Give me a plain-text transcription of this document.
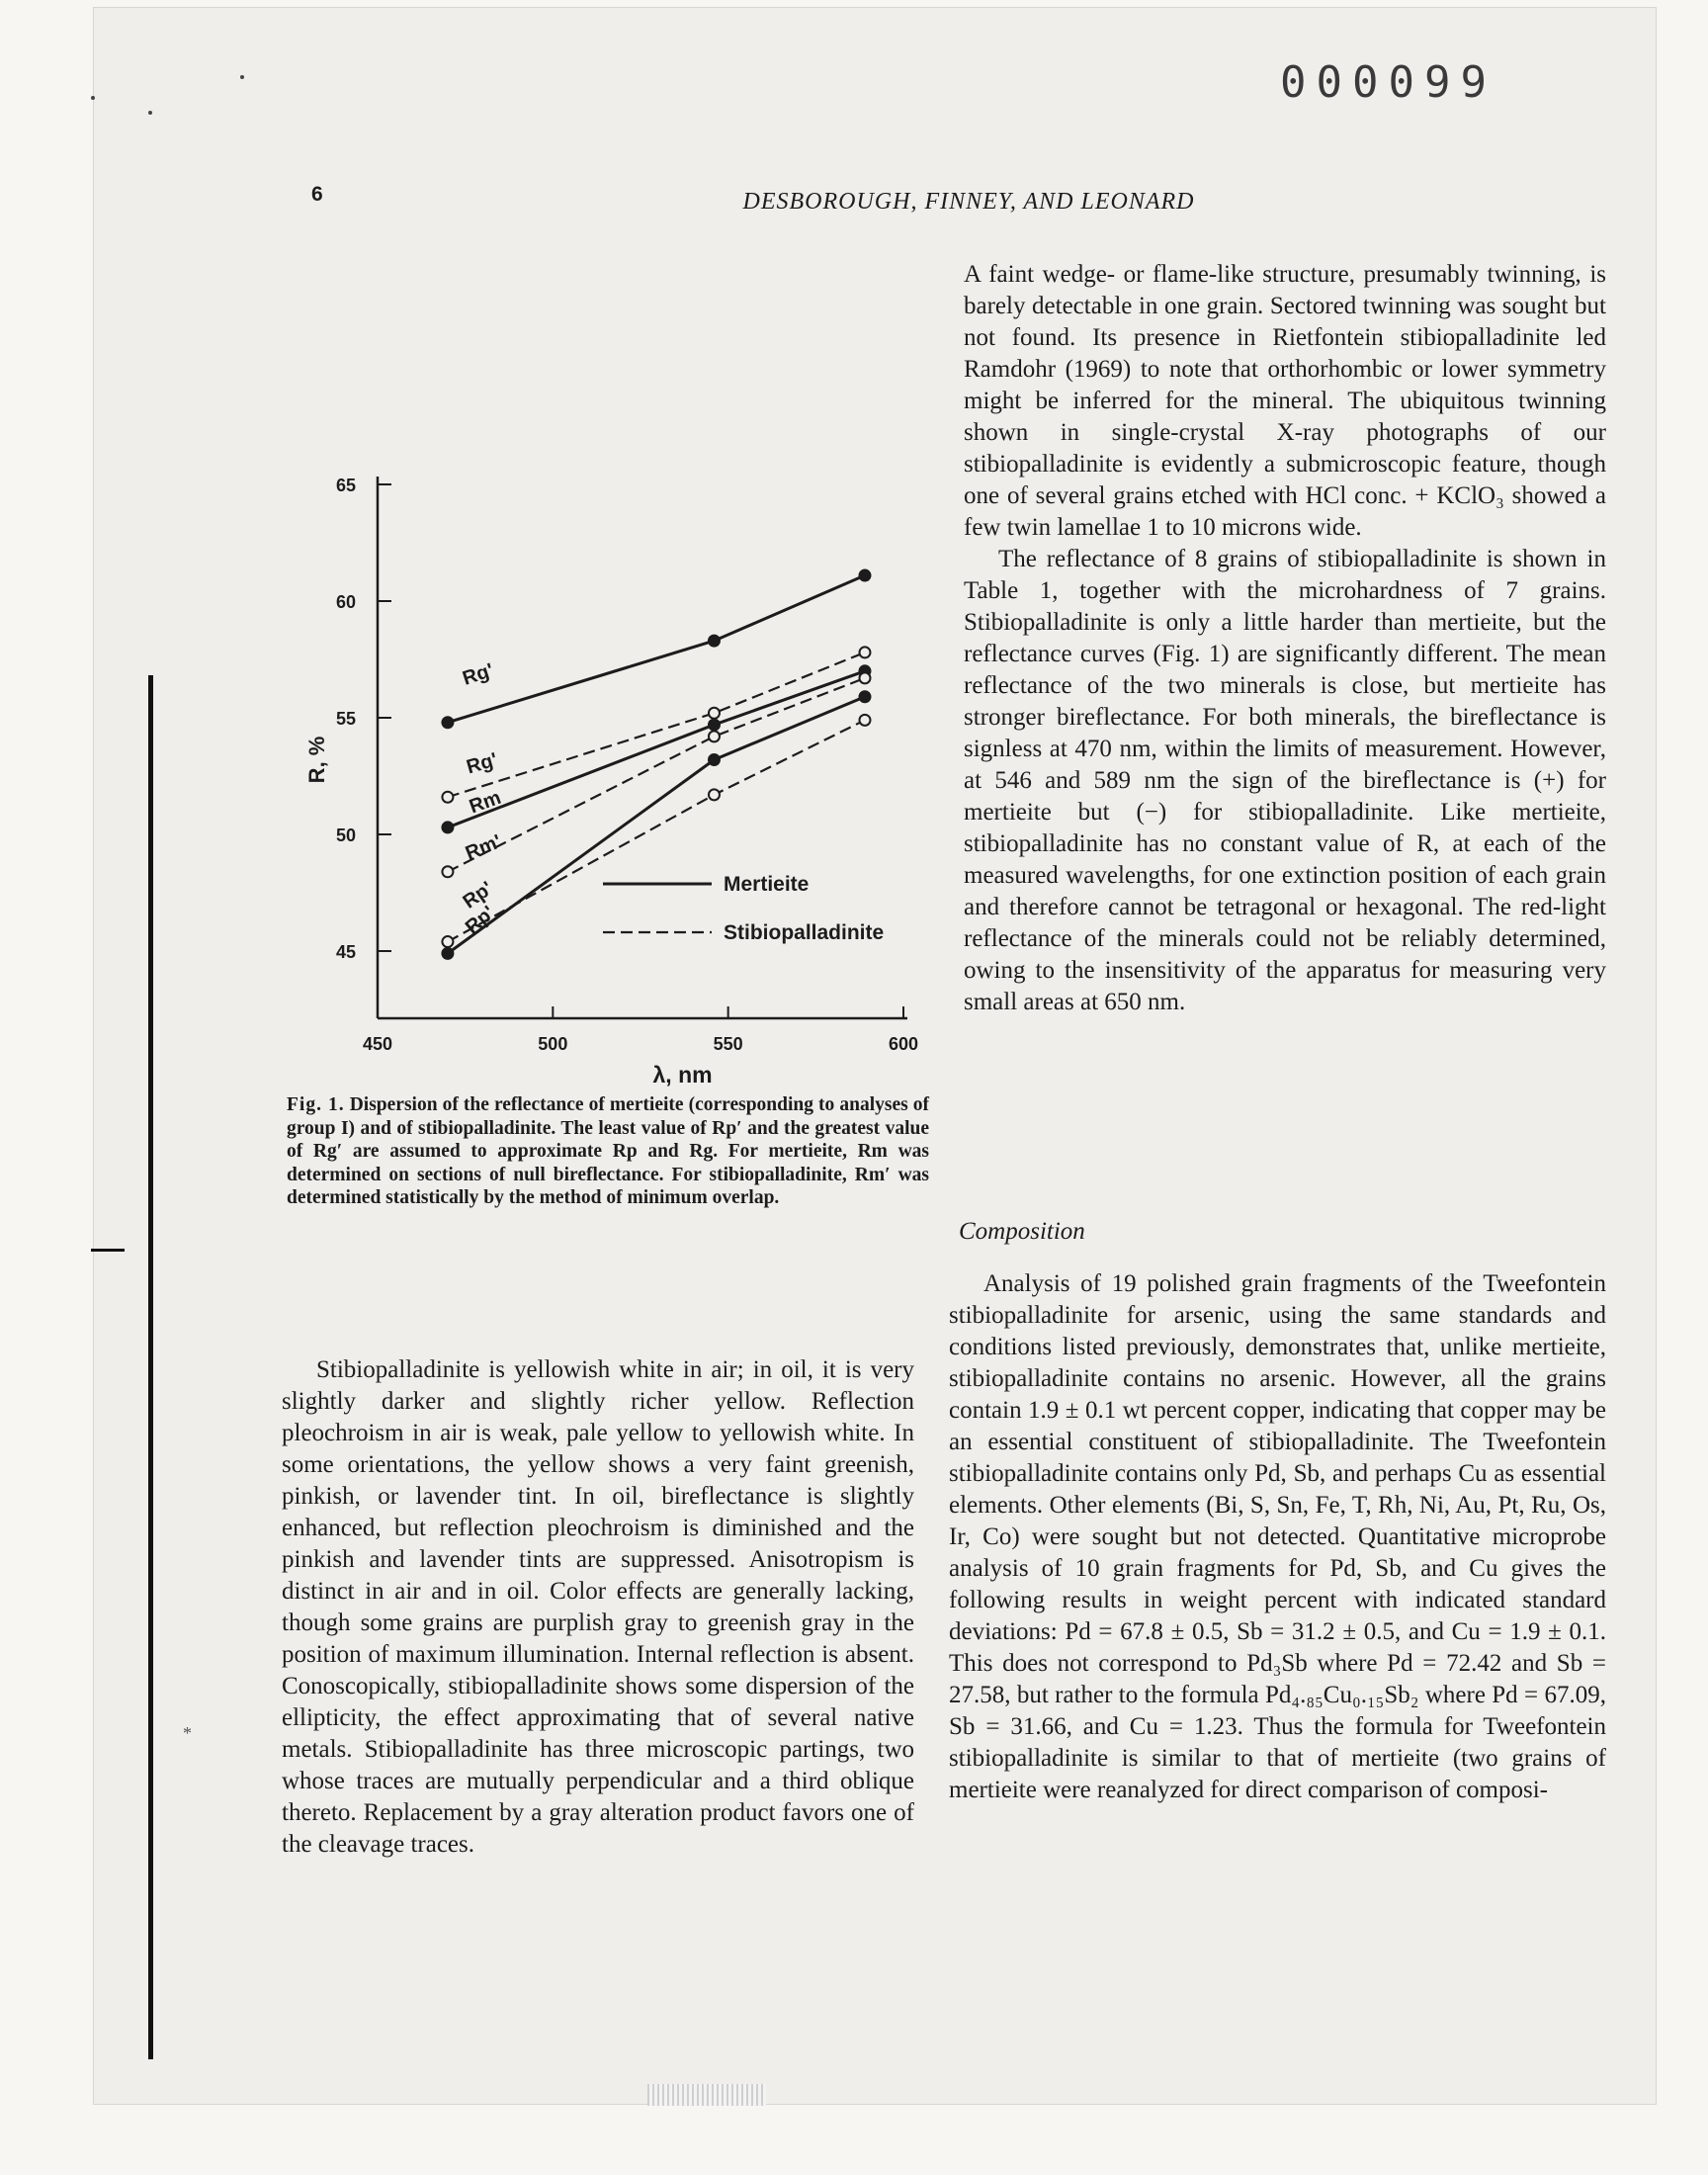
000099
6	DESBOROUGH, FINNEY, AND LEONARD
*
45
50
55
60
65
450	500	550	600
R, %
λ, nm
Rg'
Rm
Rp'
Rg'
Rm'
Rp'	Mertieite
Stibiopalladinite
Fig. 1. Dispersion of the reflectance of mertieite (corresponding to analyses of group I) and of stibiopalladinite. The least value of Rp′ and the greatest value of Rg′ are assumed to approximate Rp and Rg. For mertieite, Rm was determined on sections of null bireflectance. For stibiopalladinite, Rm′ was determined statistically by the method of minimum overlap.

Stibiopalladinite is yellowish white in air; in oil, it is very slightly darker and slightly richer yellow. Reflection pleochroism in air is weak, pale yellow to yellowish white. In some orientations, the yellow shows a very faint greenish, pinkish, or lavender tint. In oil, bireflectance is slightly enhanced, but reflection pleochroism is diminished and the pinkish and lavender tints are suppressed. Anisotropism is distinct in air and in oil. Color effects are generally lacking, though some grains are purplish gray to greenish gray in the position of maximum illumination. Internal reflection is absent. Conoscopically, stibiopalladinite shows some dispersion of the ellipticity, the effect approximating that of several native metals. Stibiopalladinite has three microscopic partings, two whose traces are mutually perpendicular and a third oblique thereto. Replacement by a gray alteration product favors one of the cleavage traces.

A faint wedge- or flame-like structure, presumably twinning, is barely detectable in one grain. Sectored twinning was sought but not found. Its presence in Rietfontein stibiopalladinite led Ramdohr (1969) to note that orthorhombic or lower symmetry might be inferred for the mineral. The ubiquitous twinning shown in single-crystal X-ray photographs of our stibiopalladinite is evidently a submicroscopic feature, though one of several grains etched with HCl conc. + KClO₃ showed a few twin lamellae 1 to 10 microns wide.

The reflectance of 8 grains of stibiopalladinite is shown in Table 1, together with the microhardness of 7 grains. Stibiopalladinite is only a little harder than mertieite, but the reflectance curves (Fig. 1) are significantly different. The mean reflectance of the two minerals is close, but mertieite has stronger bireflectance. For both minerals, the bireflectance is signless at 470 nm, within the limits of measurement. However, at 546 and 589 nm the sign of the bireflectance is (+) for mertieite but (−) for stibiopalladinite. Like mertieite, stibiopalladinite has no constant value of R, at each of the measured wavelengths, for one extinction position of each grain and therefore cannot be tetragonal or hexagonal. The red-light reflectance of the minerals could not be reliably determined, owing to the insensitivity of the apparatus for measuring very small areas at 650 nm.

Composition

Analysis of 19 polished grain fragments of the Tweefontein stibiopalladinite for arsenic, using the same standards and conditions listed previously, demonstrates that, unlike mertieite, stibiopalladinite contains no arsenic. However, all the grains contain 1.9 ± 0.1 wt percent copper, indicating that copper may be an essential constituent of stibiopalladinite. The Tweefontein stibiopalladinite contains only Pd, Sb, and perhaps Cu as essential elements. Other elements (Bi, S, Sn, Fe, T, Rh, Ni, Au, Pt, Ru, Os, Ir, Co) were sought but not detected. Quantitative microprobe analysis of 10 grain fragments for Pd, Sb, and Cu gives the following results in weight percent with indicated standard deviations: Pd = 67.8 ± 0.5, Sb = 31.2 ± 0.5, and Cu = 1.9 ± 0.1. This does not correspond to Pd₃Sb where Pd = 72.42 and Sb = 27.58, but rather to the formula Pd₄.₈₅Cu₀.₁₅Sb₂ where Pd = 67.09, Sb = 31.66, and Cu = 1.23. Thus the formula for Tweefontein stibiopalladinite is similar to that of mertieite (two grains of mertieite were reanalyzed for direct comparison of composi-
